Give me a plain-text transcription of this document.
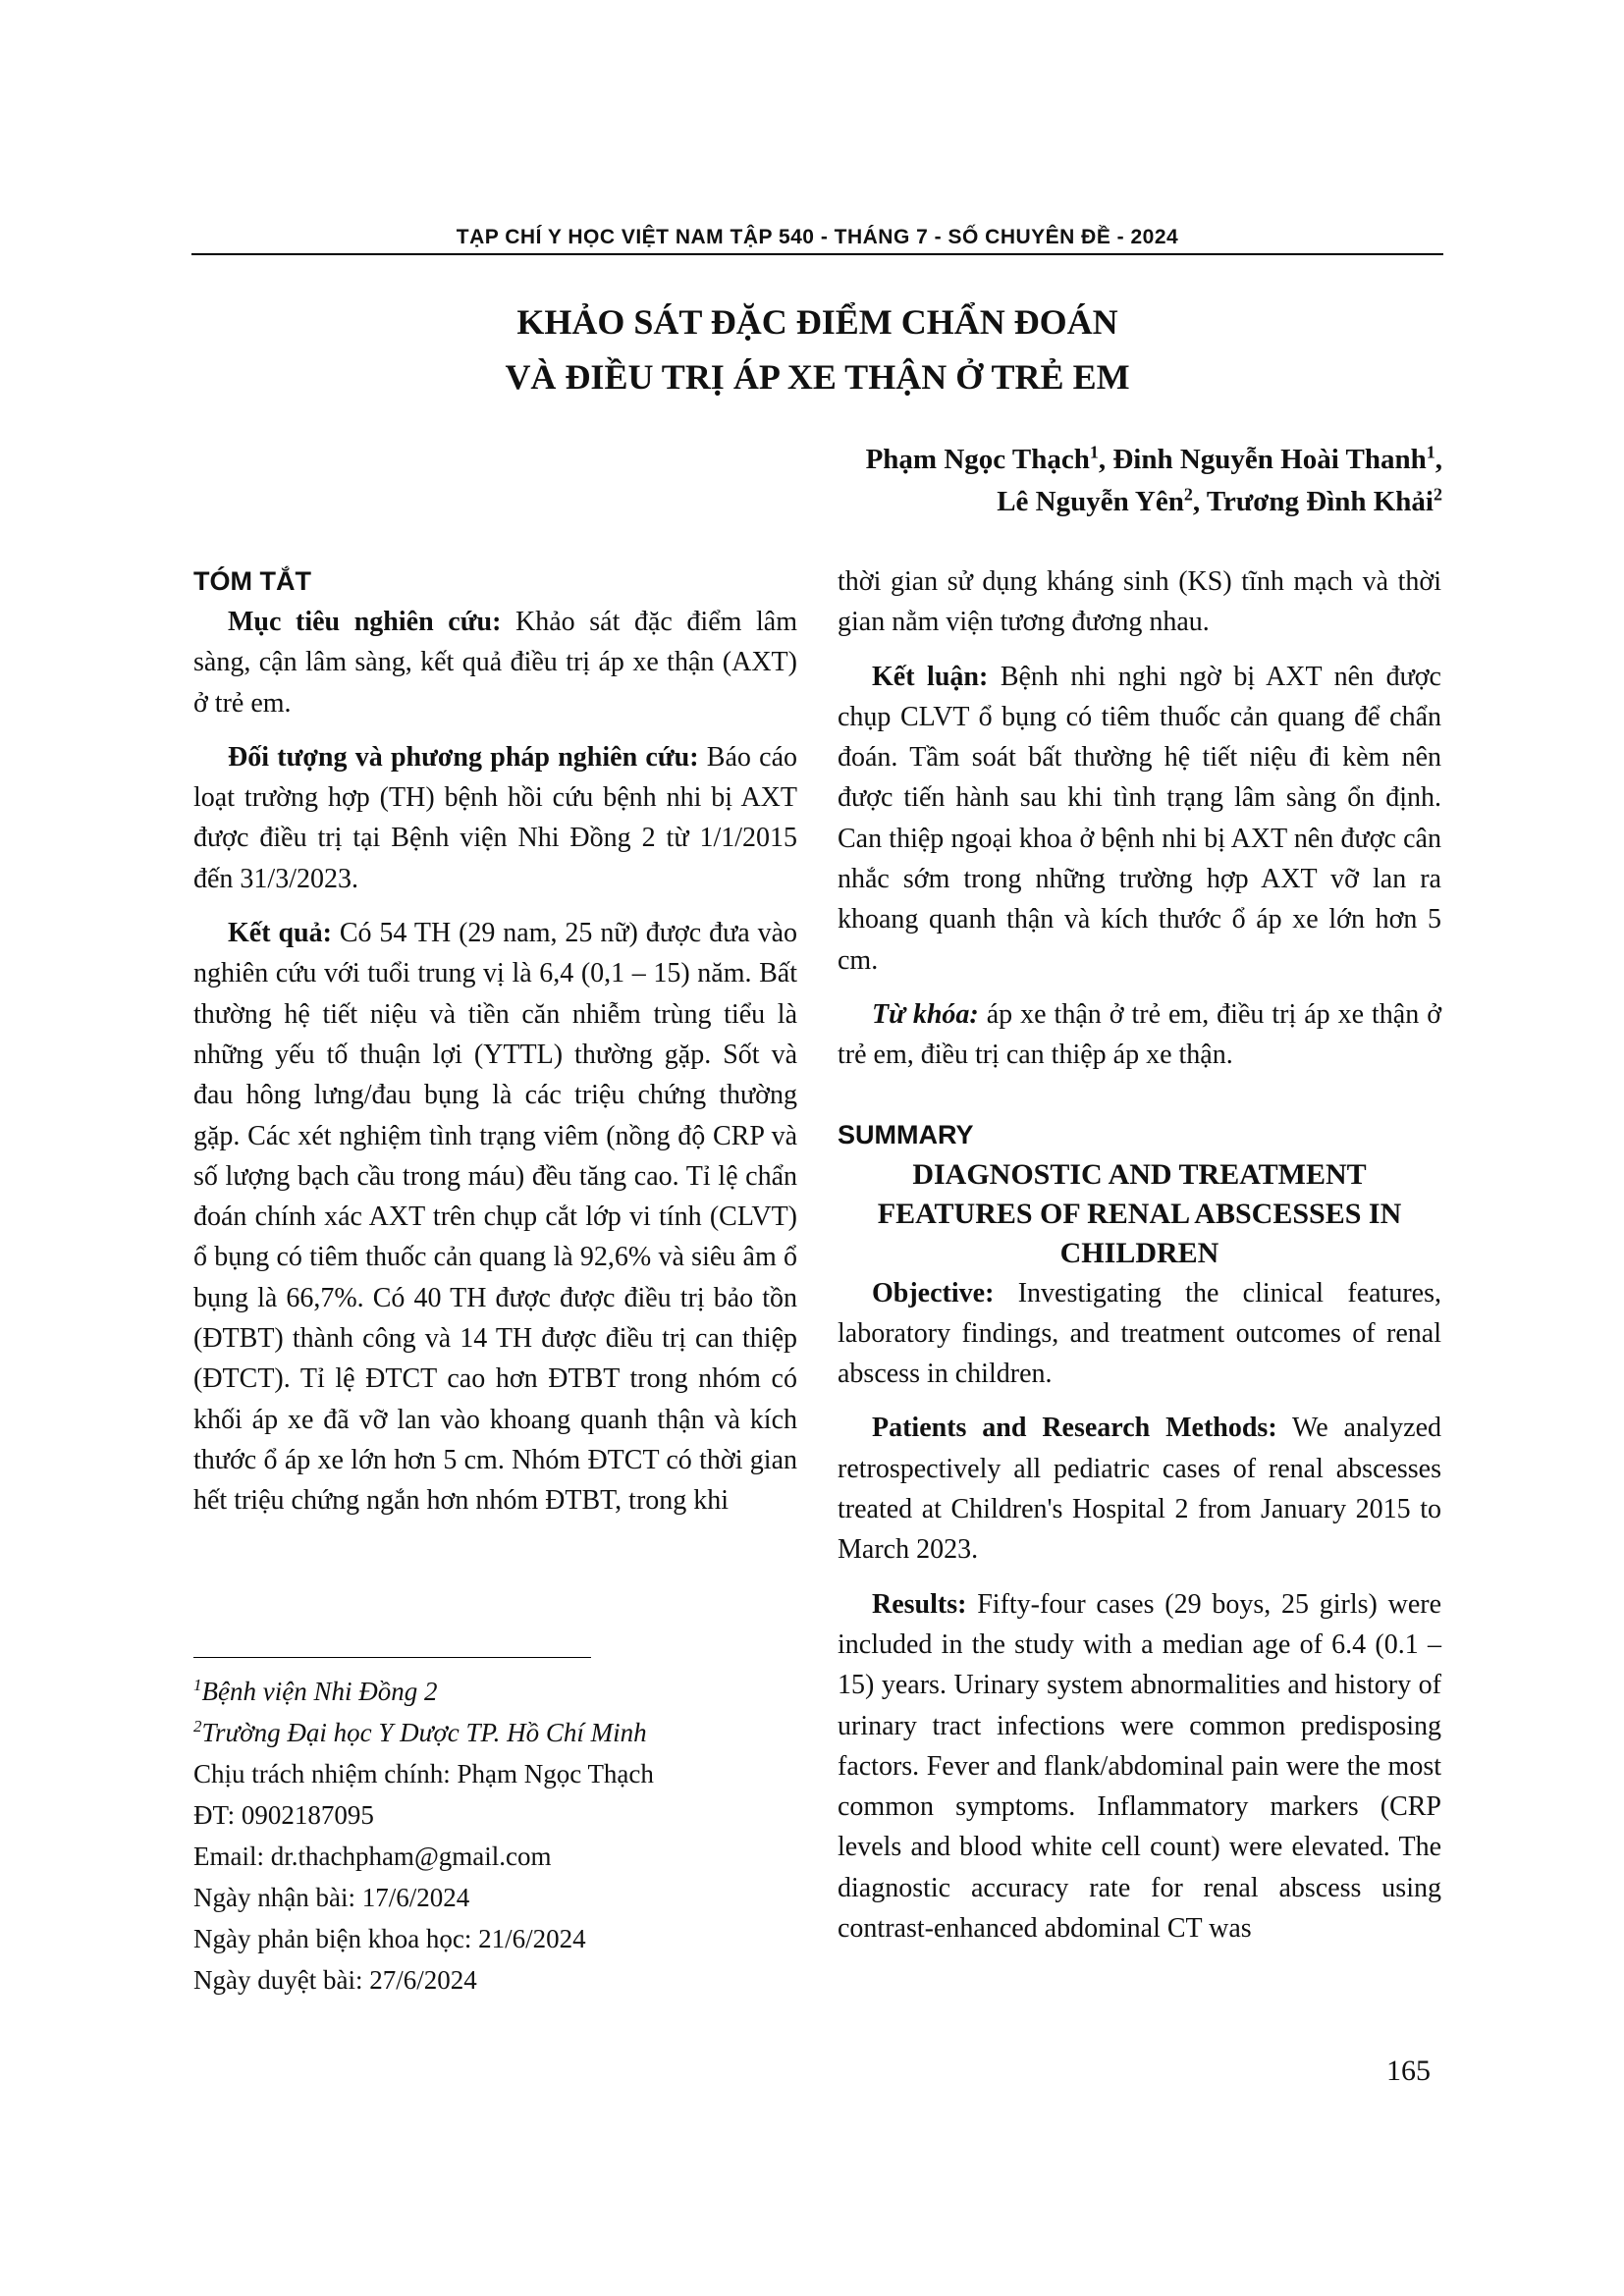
TẠP CHÍ Y HỌC VIỆT NAM TẬP 540 - THÁNG 7 - SỐ CHUYÊN ĐỀ - 2024
KHẢO SÁT ĐẶC ĐIỂM CHẨN ĐOÁN
VÀ ĐIỀU TRỊ ÁP XE THẬN Ở TRẺ EM
Phạm Ngọc Thạch$^1$, Đinh Nguyễn Hoài Thanh$^1$,
Lê Nguyễn Yên$^2$, Trương Đình Khải$^2$
TÓM TẮT

Mục tiêu nghiên cứu: Khảo sát đặc điểm lâm sàng, cận lâm sàng, kết quả điều trị áp xe thận (AXT) ở trẻ em.

Đối tượng và phương pháp nghiên cứu: Báo cáo loạt trường hợp (TH) bệnh hồi cứu bệnh nhi bị AXT được điều trị tại Bệnh viện Nhi Đồng 2 từ 1/1/2015 đến 31/3/2023.

Kết quả: Có 54 TH (29 nam, 25 nữ) được đưa vào nghiên cứu với tuổi trung vị là 6,4 (0,1 – 15) năm. Bất thường hệ tiết niệu và tiền căn nhiễm trùng tiểu là những yếu tố thuận lợi (YTTL) thường gặp. Sốt và đau hông lưng/đau bụng là các triệu chứng thường gặp. Các xét nghiệm tình trạng viêm (nồng độ CRP và số lượng bạch cầu trong máu) đều tăng cao. Tỉ lệ chẩn đoán chính xác AXT trên chụp cắt lớp vi tính (CLVT) ổ bụng có tiêm thuốc cản quang là 92,6% và siêu âm ổ bụng là 66,7%. Có 40 TH được được điều trị bảo tồn (ĐTBT) thành công và 14 TH được điều trị can thiệp (ĐTCT). Tỉ lệ ĐTCT cao hơn ĐTBT trong nhóm có khối áp xe đã vỡ lan vào khoang quanh thận và kích thước ổ áp xe lớn hơn 5 cm. Nhóm ĐTCT có thời gian hết triệu chứng ngắn hơn nhóm ĐTBT, trong khi

$^1$Bệnh viện Nhi Đồng 2
$^2$Trường Đại học Y Dược TP. Hồ Chí Minh
Chịu trách nhiệm chính: Phạm Ngọc Thạch
ĐT: 0902187095
Email: dr.thachpham@gmail.com
Ngày nhận bài: 17/6/2024
Ngày phản biện khoa học: 21/6/2024
Ngày duyệt bài: 27/6/2024

thời gian sử dụng kháng sinh (KS) tĩnh mạch và thời gian nằm viện tương đương nhau.

Kết luận: Bệnh nhi nghi ngờ bị AXT nên được chụp CLVT ổ bụng có tiêm thuốc cản quang để chẩn đoán. Tầm soát bất thường hệ tiết niệu đi kèm nên được tiến hành sau khi tình trạng lâm sàng ổn định. Can thiệp ngoại khoa ở bệnh nhi bị AXT nên được cân nhắc sớm trong những trường hợp AXT vỡ lan ra khoang quanh thận và kích thước ổ áp xe lớn hơn 5 cm.

Từ khóa: áp xe thận ở trẻ em, điều trị áp xe thận ở trẻ em, điều trị can thiệp áp xe thận.

SUMMARY

DIAGNOSTIC AND TREATMENT FEATURES OF RENAL ABSCESSES IN CHILDREN

Objective: Investigating the clinical features, laboratory findings, and treatment outcomes of renal abscess in children.

Patients and Research Methods: We analyzed retrospectively all pediatric cases of renal abscesses treated at Children's Hospital 2 from January 2015 to March 2023.

Results: Fifty-four cases (29 boys, 25 girls) were included in the study with a median age of 6.4 (0.1 – 15) years. Urinary system abnormalities and history of urinary tract infections were common predisposing factors. Fever and flank/abdominal pain were the most common symptoms. Inflammatory markers (CRP levels and blood white cell count) were elevated. The diagnostic accuracy rate for renal abscess using contrast-enhanced abdominal CT was

165
